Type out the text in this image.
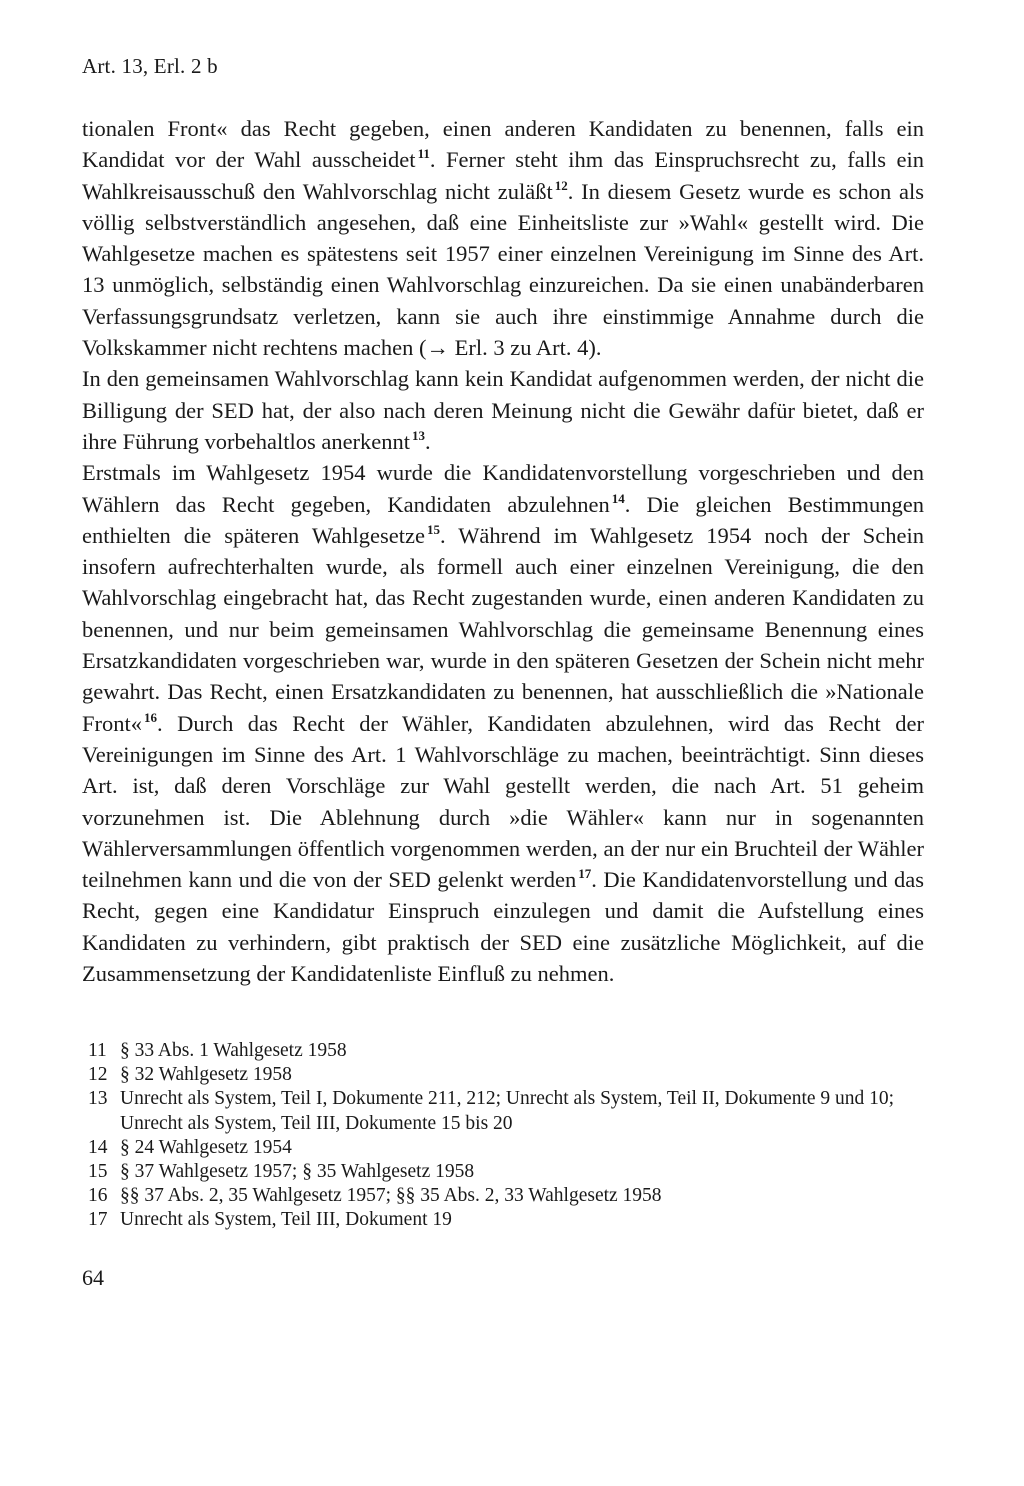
Art. 13, Erl. 2 b

tionalen Front« das Recht gegeben, einen anderen Kandidaten zu benennen, falls ein Kandidat vor der Wahl ausscheidet $^{11}$. Ferner steht ihm das Einspruchsrecht zu, falls ein Wahlkreisausschuß den Wahlvorschlag nicht zuläßt $^{12}$. In diesem Gesetz wurde es schon als völlig selbstverständlich angesehen, daß eine Einheitsliste zur »Wahl« gestellt wird. Die Wahlgesetze machen es spätestens seit 1957 einer einzelnen Vereinigung im Sinne des Art. 13 unmöglich, selbständig einen Wahlvorschlag einzureichen. Da sie einen unabänderbaren Verfassungsgrundsatz verletzen, kann sie auch ihre einstimmige Annahme durch die Volkskammer nicht rechtens machen (→ Erl. 3 zu Art. 4).

In den gemeinsamen Wahlvorschlag kann kein Kandidat aufgenommen werden, der nicht die Billigung der SED hat, der also nach deren Meinung nicht die Gewähr dafür bietet, daß er ihre Führung vorbehaltlos anerkennt $^{13}$.

Erstmals im Wahlgesetz 1954 wurde die Kandidatenvorstellung vorgeschrieben und den Wählern das Recht gegeben, Kandidaten abzulehnen $^{14}$. Die gleichen Bestimmungen enthielten die späteren Wahlgesetze $^{15}$. Während im Wahlgesetz 1954 noch der Schein insofern aufrechterhalten wurde, als formell auch einer einzelnen Vereinigung, die den Wahlvorschlag eingebracht hat, das Recht zugestanden wurde, einen anderen Kandidaten zu benennen, und nur beim gemeinsamen Wahlvorschlag die gemeinsame Benennung eines Ersatzkandidaten vorgeschrieben war, wurde in den späteren Gesetzen der Schein nicht mehr gewahrt. Das Recht, einen Ersatzkandidaten zu benennen, hat ausschließlich die »Nationale Front« $^{16}$. Durch das Recht der Wähler, Kandidaten abzulehnen, wird das Recht der Vereinigungen im Sinne des Art. 1 Wahlvorschläge zu machen, beeinträchtigt. Sinn dieses Art. ist, daß deren Vorschläge zur Wahl gestellt werden, die nach Art. 51 geheim vorzunehmen ist. Die Ablehnung durch »die Wähler« kann nur in sogenannten Wählerversammlungen öffentlich vorgenommen werden, an der nur ein Bruchteil der Wähler teilnehmen kann und die von der SED gelenkt werden $^{17}$. Die Kandidatenvorstellung und das Recht, gegen eine Kandidatur Einspruch einzulegen und damit die Aufstellung eines Kandidaten zu verhindern, gibt praktisch der SED eine zusätzliche Möglichkeit, auf die Zusammensetzung der Kandidatenliste Einfluß zu nehmen.

11 § 33 Abs. 1 Wahlgesetz 1958
12 § 32 Wahlgesetz 1958
13 Unrecht als System, Teil I, Dokumente 211, 212; Unrecht als System, Teil II, Dokumente 9 und 10; Unrecht als System, Teil III, Dokumente 15 bis 20
14 § 24 Wahlgesetz 1954
15 § 37 Wahlgesetz 1957; § 35 Wahlgesetz 1958
16 §§ 37 Abs. 2, 35 Wahlgesetz 1957; §§ 35 Abs. 2, 33 Wahlgesetz 1958
17 Unrecht als System, Teil III, Dokument 19
64
